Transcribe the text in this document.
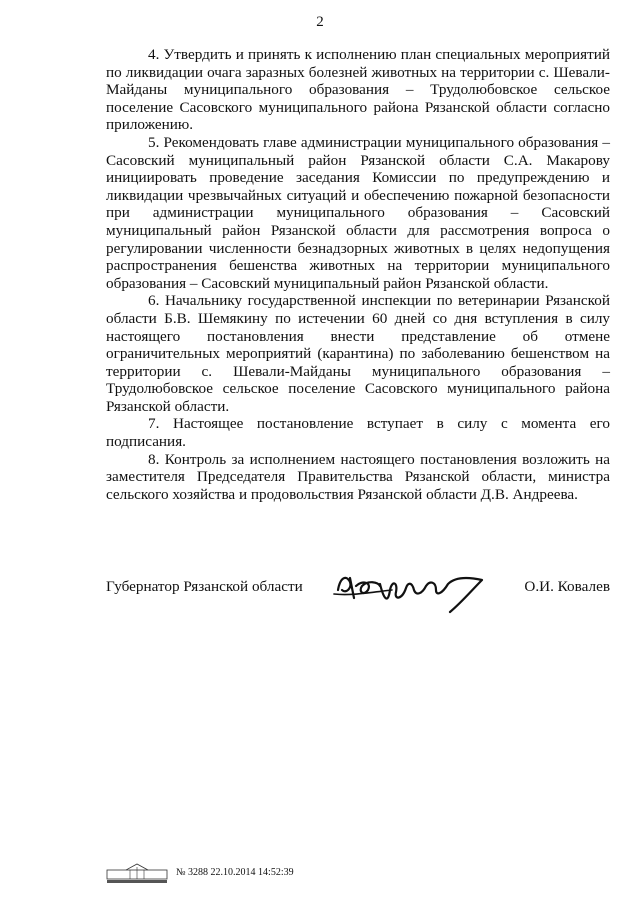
2

4. Утвердить и принять к исполнению план специальных мероприятий по ликвидации очага заразных болезней животных на территории с. Шевали-Майданы муниципального образования – Трудолюбовское сельское поселение Сасовского муниципального района Рязанской области согласно приложению.

5. Рекомендовать главе администрации муниципального образования – Сасовский муниципальный район Рязанской области С.А. Макарову инициировать проведение заседания Комиссии по предупреждению и ликвидации чрезвычайных ситуаций и обеспечению пожарной безопасности при администрации муниципального образования – Сасовский муниципальный район Рязанской области для рассмотрения вопроса о регулировании численности безнадзорных животных в целях недопущения распространения бешенства животных на территории муниципального образования – Сасовский муниципальный район Рязанской области.

6. Начальнику государственной инспекции по ветеринарии Рязанской области Б.В. Шемякину по истечении 60 дней со дня вступления в силу настоящего постановления внести представление об отмене ограничительных мероприятий (карантина) по заболеванию бешенством на территории с. Шевали-Майданы муниципального образования – Трудолюбовское сельское поселение Сасовского муниципального района Рязанской области.

7. Настоящее постановление вступает в силу с момента его подписания.

8. Контроль за исполнением настоящего постановления возложить на заместителя Председателя Правительства Рязанской области, министра сельского хозяйства и продовольствия Рязанской области Д.В. Андреева.

Губернатор Рязанской области	О.И. Ковалев
№ 3288 22.10.2014 14:52:39
